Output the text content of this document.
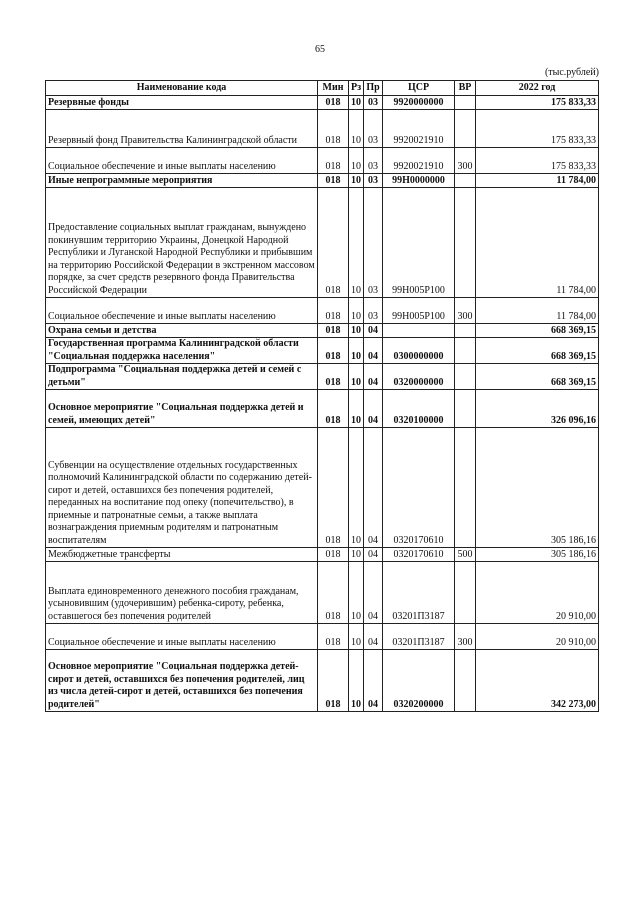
65
(тыс.рублей)
Наименование кода	Мин	Рз	Пр	ЦСР	ВР	2022 год
Резервные фонды	018	10	03	9920000000		175 833,33
Резервный фонд Правительства Калининградской области	018	10	03	9920021910		175 833,33
Социальное обеспечение и иные выплаты населению	018	10	03	9920021910	300	175 833,33
Иные непрограммные мероприятия	018	10	03	99Н0000000		11 784,00
Предоставление социальных выплат гражданам, вынуждено покинувшим территорию Украины, Донецкой Народной Республики и Луганской Народной Республики и прибывшим на территорию Российской Федерации в экстренном массовом порядке, за счет средств резервного фонда Правительства Российской Федерации	018	10	03	99Н005Р100		11 784,00
Социальное обеспечение и иные выплаты населению	018	10	03	99Н005Р100	300	11 784,00
Охрана семьи и детства	018	10	04			668 369,15
Государственная программа Калининградской области "Социальная поддержка населения"	018	10	04	0300000000		668 369,15
Подпрограмма "Социальная поддержка детей и семей с детьми"	018	10	04	0320000000		668 369,15
Основное мероприятие "Социальная поддержка детей и семей, имеющих детей"	018	10	04	0320100000		326 096,16
Субвенции на осуществление отдельных государственных полномочий Калининградской области по содержанию детей-сирот и детей, оставшихся без попечения родителей, переданных на воспитание под опеку (попечительство), в приемные и патронатные семьи, а также выплата вознаграждения приемным родителям и патронатным воспитателям	018	10	04	0320170610		305 186,16
Межбюджетные трансферты	018	10	04	0320170610	500	305 186,16
Выплата единовременного денежного пособия гражданам, усыновившим (удочерившим) ребенка-сироту, ребенка, оставшегося без попечения родителей	018	10	04	03201П3187		20 910,00
Социальное обеспечение и иные выплаты населению	018	10	04	03201П3187	300	20 910,00
Основное мероприятие "Социальная поддержка детей-сирот и детей, оставшихся без попечения родителей, лиц из числа детей-сирот и детей, оставшихся без попечения родителей"	018	10	04	0320200000		342 273,00
